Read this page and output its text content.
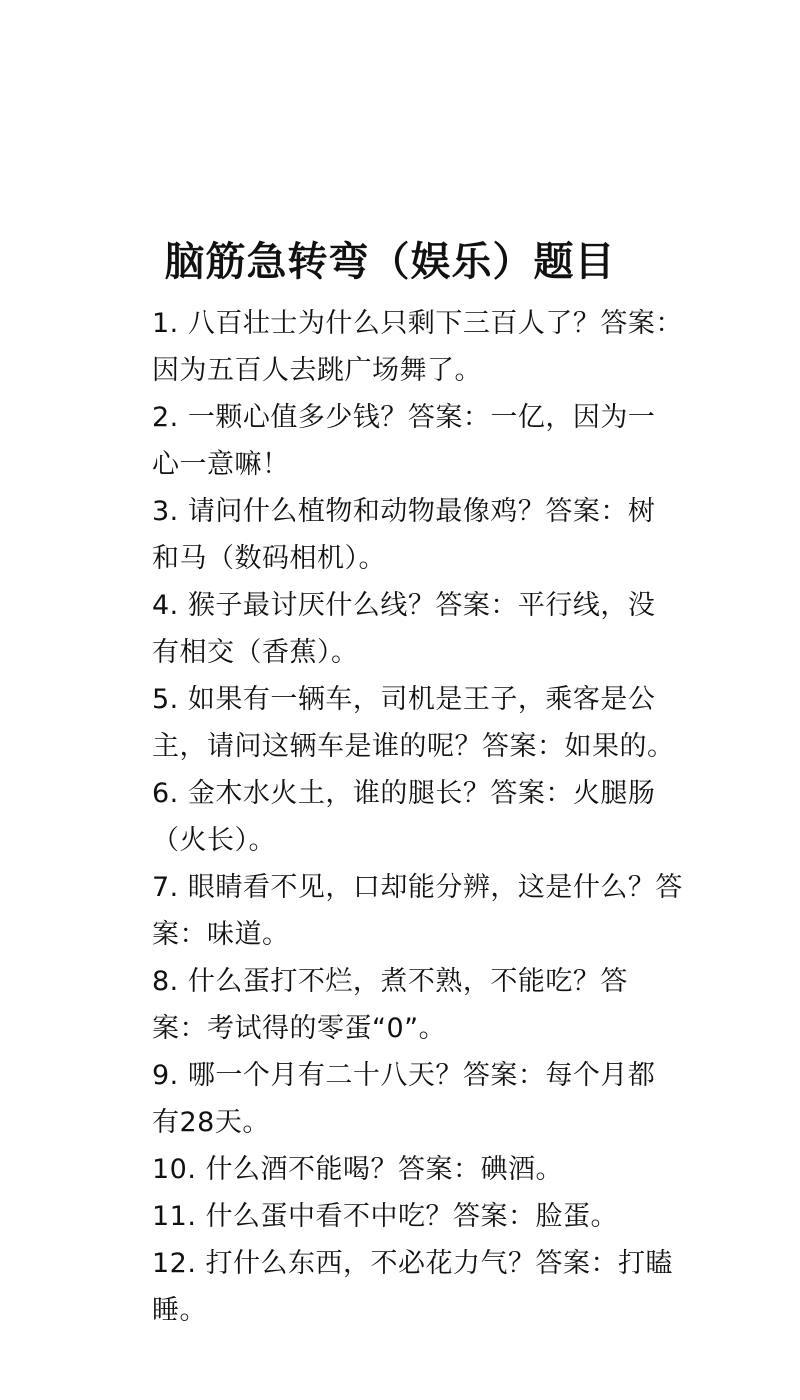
脑筋急转弯（娱乐）题目
1. 八百壮士为什么只剩下三百人了？答案：
因为五百人去跳广场舞了。
2. 一颗心值多少钱？答案：一亿，因为一
心一意嘛！
3. 请问什么植物和动物最像鸡？答案：树
和马（数码相机）。
4. 猴子最讨厌什么线？答案：平行线，没
有相交（香蕉）。
5. 如果有一辆车，司机是王子，乘客是公
主，请问这辆车是谁的呢？答案：如果的。
6. 金木水火土，谁的腿长？答案：火腿肠
（火长）。
7. 眼睛看不见，口却能分辨，这是什么？答
案：味道。
8. 什么蛋打不烂，煮不熟，不能吃？答
案：考试得的零蛋“0”。
9. 哪一个月有二十八天？答案：每个月都
有28天。
10. 什么酒不能喝？答案：碘酒。
11. 什么蛋中看不中吃？答案：脸蛋。
12. 打什么东西，不必花力气？答案：打瞌
睡。
